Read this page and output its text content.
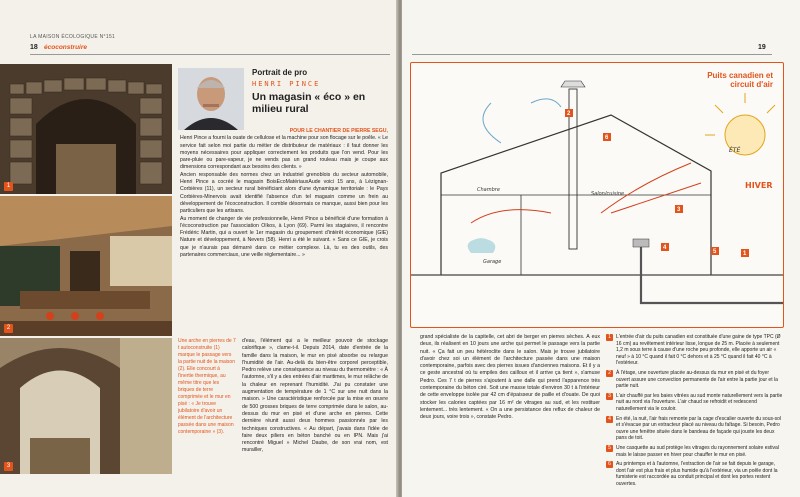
LA MAISON ÉCOLOGIQUE N°151
18 écoconstruire
1
2
3
Portrait de pro
HENRI PINCE
Un magasin « éco » en milieu rural
POUR LE CHANTIER DE PIERRE SEGU,

Henri Pince a fourni la ouate de cellulose et la machine pour son flocage sur le poêle. « Le service fait selon moi partie du métier de distributeur de matériaux : il faut donner les moyens nécessaires pour appliquer correctement les produits que l'on vend. Pour les pare-pluie ou pare-vapeur, je ne vends pas un grand rouleau mais je coupe aux dimensions correspondant aux besoins des clients. »

Ancien responsable des normes chez un industriel grenoblois du secteur automobile, Henri Pince a cocréé le magasin BoisEcoMatériauxAude voici 15 ans, à Lézignan-Corbières (11), un secteur rural bénéficiant alors d'une dynamique territoriale : le Pays Corbières-Minervois avait identifié l'absence d'un tel magasin comme un frein au développement de l'écoconstruction. Il comble désormais ce manque, aussi bien pour les particuliers que les artisans.

Au moment de changer de vie professionnelle, Henri Pince a bénéficié d'une formation à l'écoconstruction par l'association Oïkos, à Lyon (69). Parmi les stagiaires, il rencontre Frédéric Martin, qui a ouvert le 1er magasin du groupement d'intérêt économique (GIE) Nature et développement, à Nevers (58). Henri a été le suivant. « Sans ce GIE, je crois que je n'aurais pas démarré dans ce métier complexe. Là, tu es des outils, des partenaires commerciaux, une veille réglementaire... »

Une arche en pierres de 7 t autoconstruite (1) marque le passage vers la partie nuit de la maison (2). Elle concourt à l'inertie thermique, au même titre que les briques de terre comprimée et le mur en pisé : « Je trouve jubilatoire d'avoir un élément de l'architecture passée dans une maison contemporaine » (3).
d'eau, l'élément qui a le meilleur pouvoir de stockage calorifique », clame-t-il. Depuis 2014, date d'entrée de la famille dans la maison, le mur en pisé absorbe ou relargue l'humidité de l'air. Au-delà du bien-être corporel perceptible, Pedro relève une conséquence au niveau du thermomètre : « À l'automne, s'il y a des entrées d'air maritimes, le mur relâche de la chaleur en reprenant l'humidité. J'ai pu constater une augmentation de température de 1 °C sur une nuit dans la maison. » Une caractéristique renforcée par la mise en œuvre de 500 grosses briques de terre comprimée dans le salon, au-dessus du mur en pisé et d'une arche en pierres. Cette dernière réunit aussi deux hommes passionnés par les techniques constructives. « Au départ, j'avais dans l'idée de faire deux piliers en béton banché ou en IPN. Mais j'ai rencontré Miguel » Michel Daube, de son vrai nom, est murailler,
19
2
6
3
4
5	1
Puits canadien et circuit d'air
ÉTÉ
HIVER
Chambre
Salon/cuisine
Garage
grand spécialiste de la capitelle, cet abri de berger en pierres sèches. À eux deux, ils réalisent en 10 jours une arche qui permet le passage vers la partie nuit. « Ça fait un peu hétéroclite dans le salon. Mais je trouve jubilatoire d'avoir chez soi un élément de l'architecture passée dans une maison contemporaine, parfois avec des pierres issues d'anciennes maisons. Et il y a ce geste ancestral où tu empiles des cailloux et il arrive ça tient », s'amuse Pedro. Ces 7 t de pierres s'ajoutent à une dalle qui prend l'apparence très contemporaine du béton ciré. Soit une masse totale d'environ 30 t à l'intérieur de cette enveloppe isolée par 42 cm d'épaisseur de paille et d'ouate. De quoi stocker les calories captées par 16 m² de vitrages au sud, et les restituer lentement... très lentement. « On a une persistance des reflux de chaleur de deux jours, voire trois », constate Pedro.
1	L'entrée d'air du puits canadien est constituée d'une gaine de type TPC (Ø 16 cm) au revêtement intérieur lisse, longue de 25 m. Placée à seulement 1,2 m sous terre à cause d'une roche peu profonde, elle apporte un air « neuf » à 10 °C quand il fait 0 °C dehors et à 25 °C quand il fait 40 °C à l'extérieur.
2	À l'étage, une ouverture placée au-dessus du mur en pisé et du foyer ouvert assure une convection permanente de l'air entre la partie jour et la partie nuit.
3	L'air chauffé par les baies vitrées au sud monte naturellement vers la partie nuit au nord via l'ouverture. L'air chaud se refroidit et redescend naturellement via le couloir.
4	En été, la nuit, l'air frais remonte par la cage d'escalier ouverte du sous-sol et s'évacue par un extracteur placé au niveau du faîtage. Si besoin, Pedro ouvre une fenêtre située dans le bandeau de façade qui jouxte les deux pans de toit.
5	Une casquette au sud protège les vitrages du rayonnement solaire estival mais le laisse passer en hiver pour chauffer le mur en pisé.
6	Au printemps et à l'automne, l'extraction de l'air se fait depuis le garage, dont l'air est plus frais et plus humide qu'à l'extérieur, via un poêle dont la fumisterie est raccordée au conduit principal et dont les portes restent ouvertes.
